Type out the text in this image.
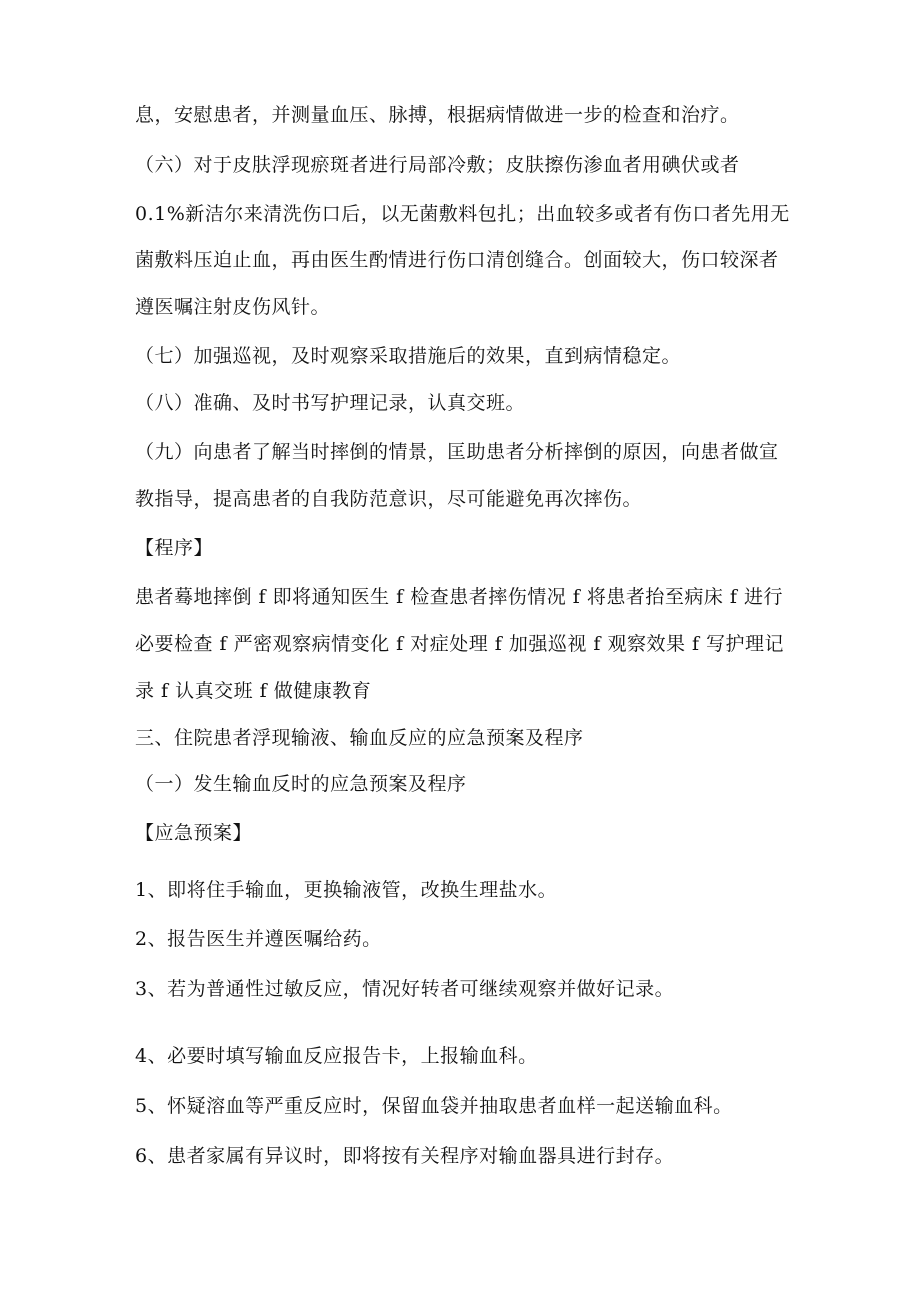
息，安慰患者，并测量血压、脉搏，根据病情做进一步的检查和治疗。
（六）对于皮肤浮现瘀斑者进行局部冷敷；皮肤擦伤渗血者用碘伏或者
0.1%新洁尔来清洗伤口后，以无菌敷料包扎；出血较多或者有伤口者先用无
菌敷料压迫止血，再由医生酌情进行伤口清创缝合。创面较大，伤口较深者
遵医嘱注射皮伤风针。
（七）加强巡视，及时观察采取措施后的效果，直到病情稳定。
（八）准确、及时书写护理记录，认真交班。
（九）向患者了解当时摔倒的情景，匡助患者分析摔倒的原因，向患者做宣
教指导，提高患者的自我防范意识，尽可能避免再次摔伤。
【程序】
患者蓦地摔倒 f 即将通知医生 f 检查患者摔伤情况 f 将患者抬至病床 f 进行
必要检查 f 严密观察病情变化 f 对症处理 f 加强巡视 f 观察效果 f 写护理记
录 f 认真交班 f 做健康教育
三、住院患者浮现输液、输血反应的应急预案及程序
（一）发生输血反时的应急预案及程序
【应急预案】
1、即将住手输血，更换输液管，改换生理盐水。
2、报告医生并遵医嘱给药。
3、若为普通性过敏反应，情况好转者可继续观察并做好记录。
4、必要时填写输血反应报告卡，上报输血科。
5、怀疑溶血等严重反应时，保留血袋并抽取患者血样一起送输血科。
6、患者家属有异议时，即将按有关程序对输血器具进行封存。
